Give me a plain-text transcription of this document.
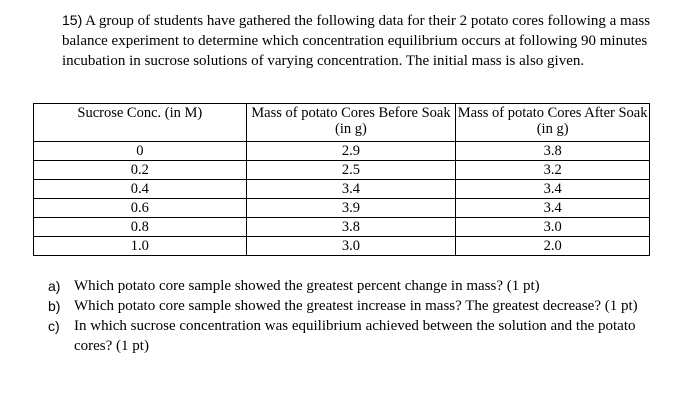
15) A group of students have gathered the following data for their 2 potato cores following a mass balance experiment to determine which concentration equilibrium occurs at following 90 minutes incubation in sucrose solutions of varying concentration. The initial mass is also given.
Sucrose Conc. (in M)	Mass of potato Cores Before Soak (in g)	Mass of potato Cores After Soak (in g)
0	2.9	3.8
0.2	2.5	3.2
0.4	3.4	3.4
0.6	3.9	3.4
0.8	3.8	3.0
1.0	3.0	2.0
a) Which potato core sample showed the greatest percent change in mass? (1 pt)
b) Which potato core sample showed the greatest increase in mass? The greatest decrease? (1 pt)
c) In which sucrose concentration was equilibrium achieved between the solution and the potato cores? (1 pt)
